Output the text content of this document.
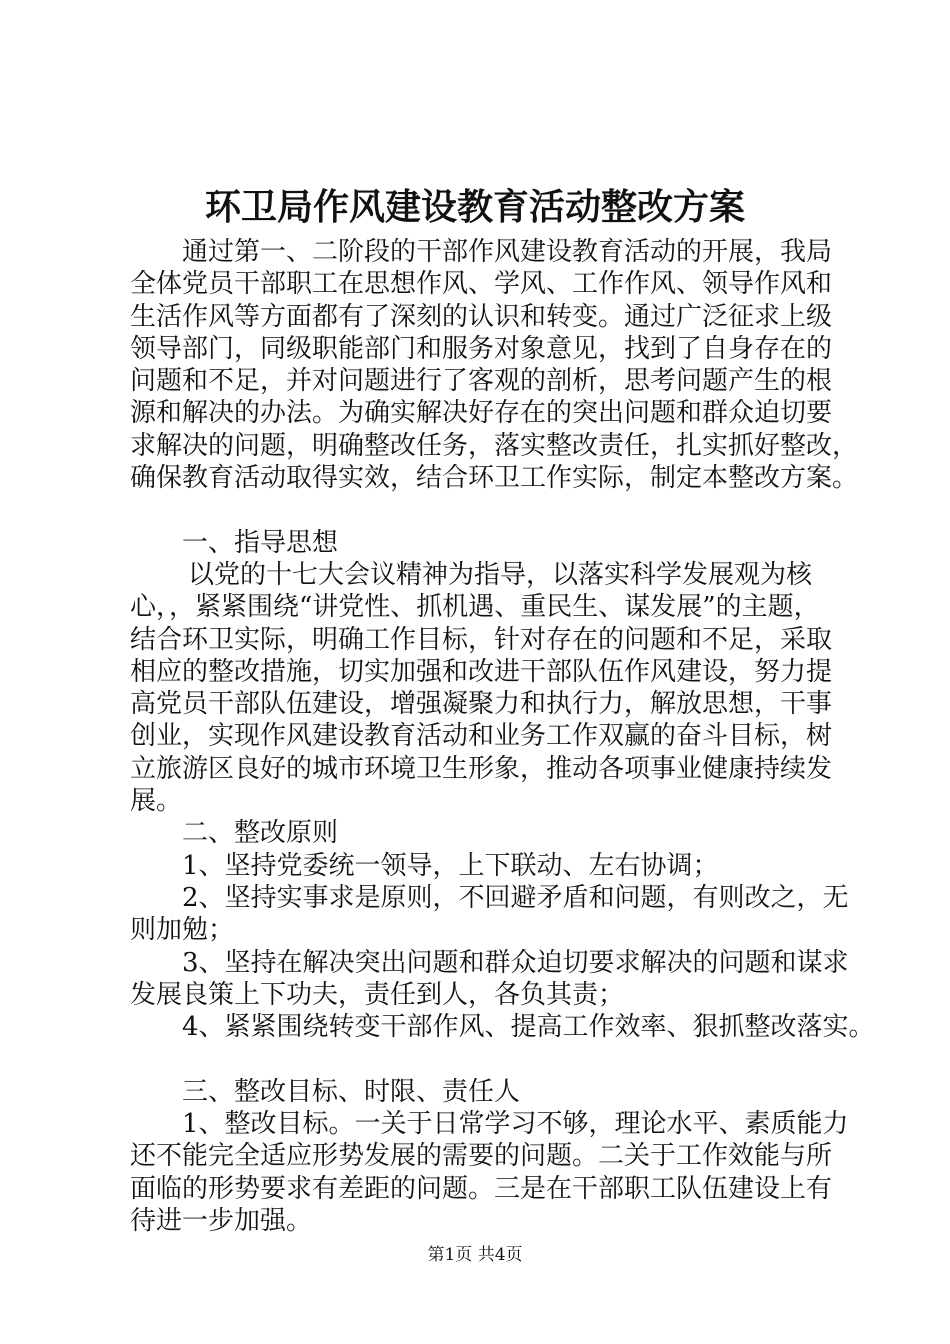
环卫局作风建设教育活动整改方案
通过第一、二阶段的干部作风建设教育活动的开展，我局
全体党员干部职工在思想作风、学风、工作作风、领导作风和
生活作风等方面都有了深刻的认识和转变。通过广泛征求上级
领导部门，同级职能部门和服务对象意见，找到了自身存在的
问题和不足，并对问题进行了客观的剖析，思考问题产生的根
源和解决的办法。为确实解决好存在的突出问题和群众迫切要
求解决的问题，明确整改任务，落实整改责任，扎实抓好整改，
确保教育活动取得实效，结合环卫工作实际，制定本整改方案。
一、指导思想
以党的十七大会议精神为指导，以落实科学发展观为核
心，，紧紧围绕“讲党性、抓机遇、重民生、谋发展”的主题，
结合环卫实际，明确工作目标，针对存在的问题和不足，采取
相应的整改措施，切实加强和改进干部队伍作风建设，努力提
高党员干部队伍建设，增强凝聚力和执行力，解放思想，干事
创业，实现作风建设教育活动和业务工作双赢的奋斗目标，树
立旅游区良好的城市环境卫生形象，推动各项事业健康持续发
展。
二、整改原则
1、坚持党委统一领导，上下联动、左右协调；
2、坚持实事求是原则，不回避矛盾和问题，有则改之，无
则加勉；
3、坚持在解决突出问题和群众迫切要求解决的问题和谋求
发展良策上下功夫，责任到人，各负其责；
4、紧紧围绕转变干部作风、提高工作效率、狠抓整改落实。
三、整改目标、时限、责任人
1、整改目标。一关于日常学习不够，理论水平、素质能力
还不能完全适应形势发展的需要的问题。二关于工作效能与所
面临的形势要求有差距的问题。三是在干部职工队伍建设上有
待进一步加强。
第1页 共4页
